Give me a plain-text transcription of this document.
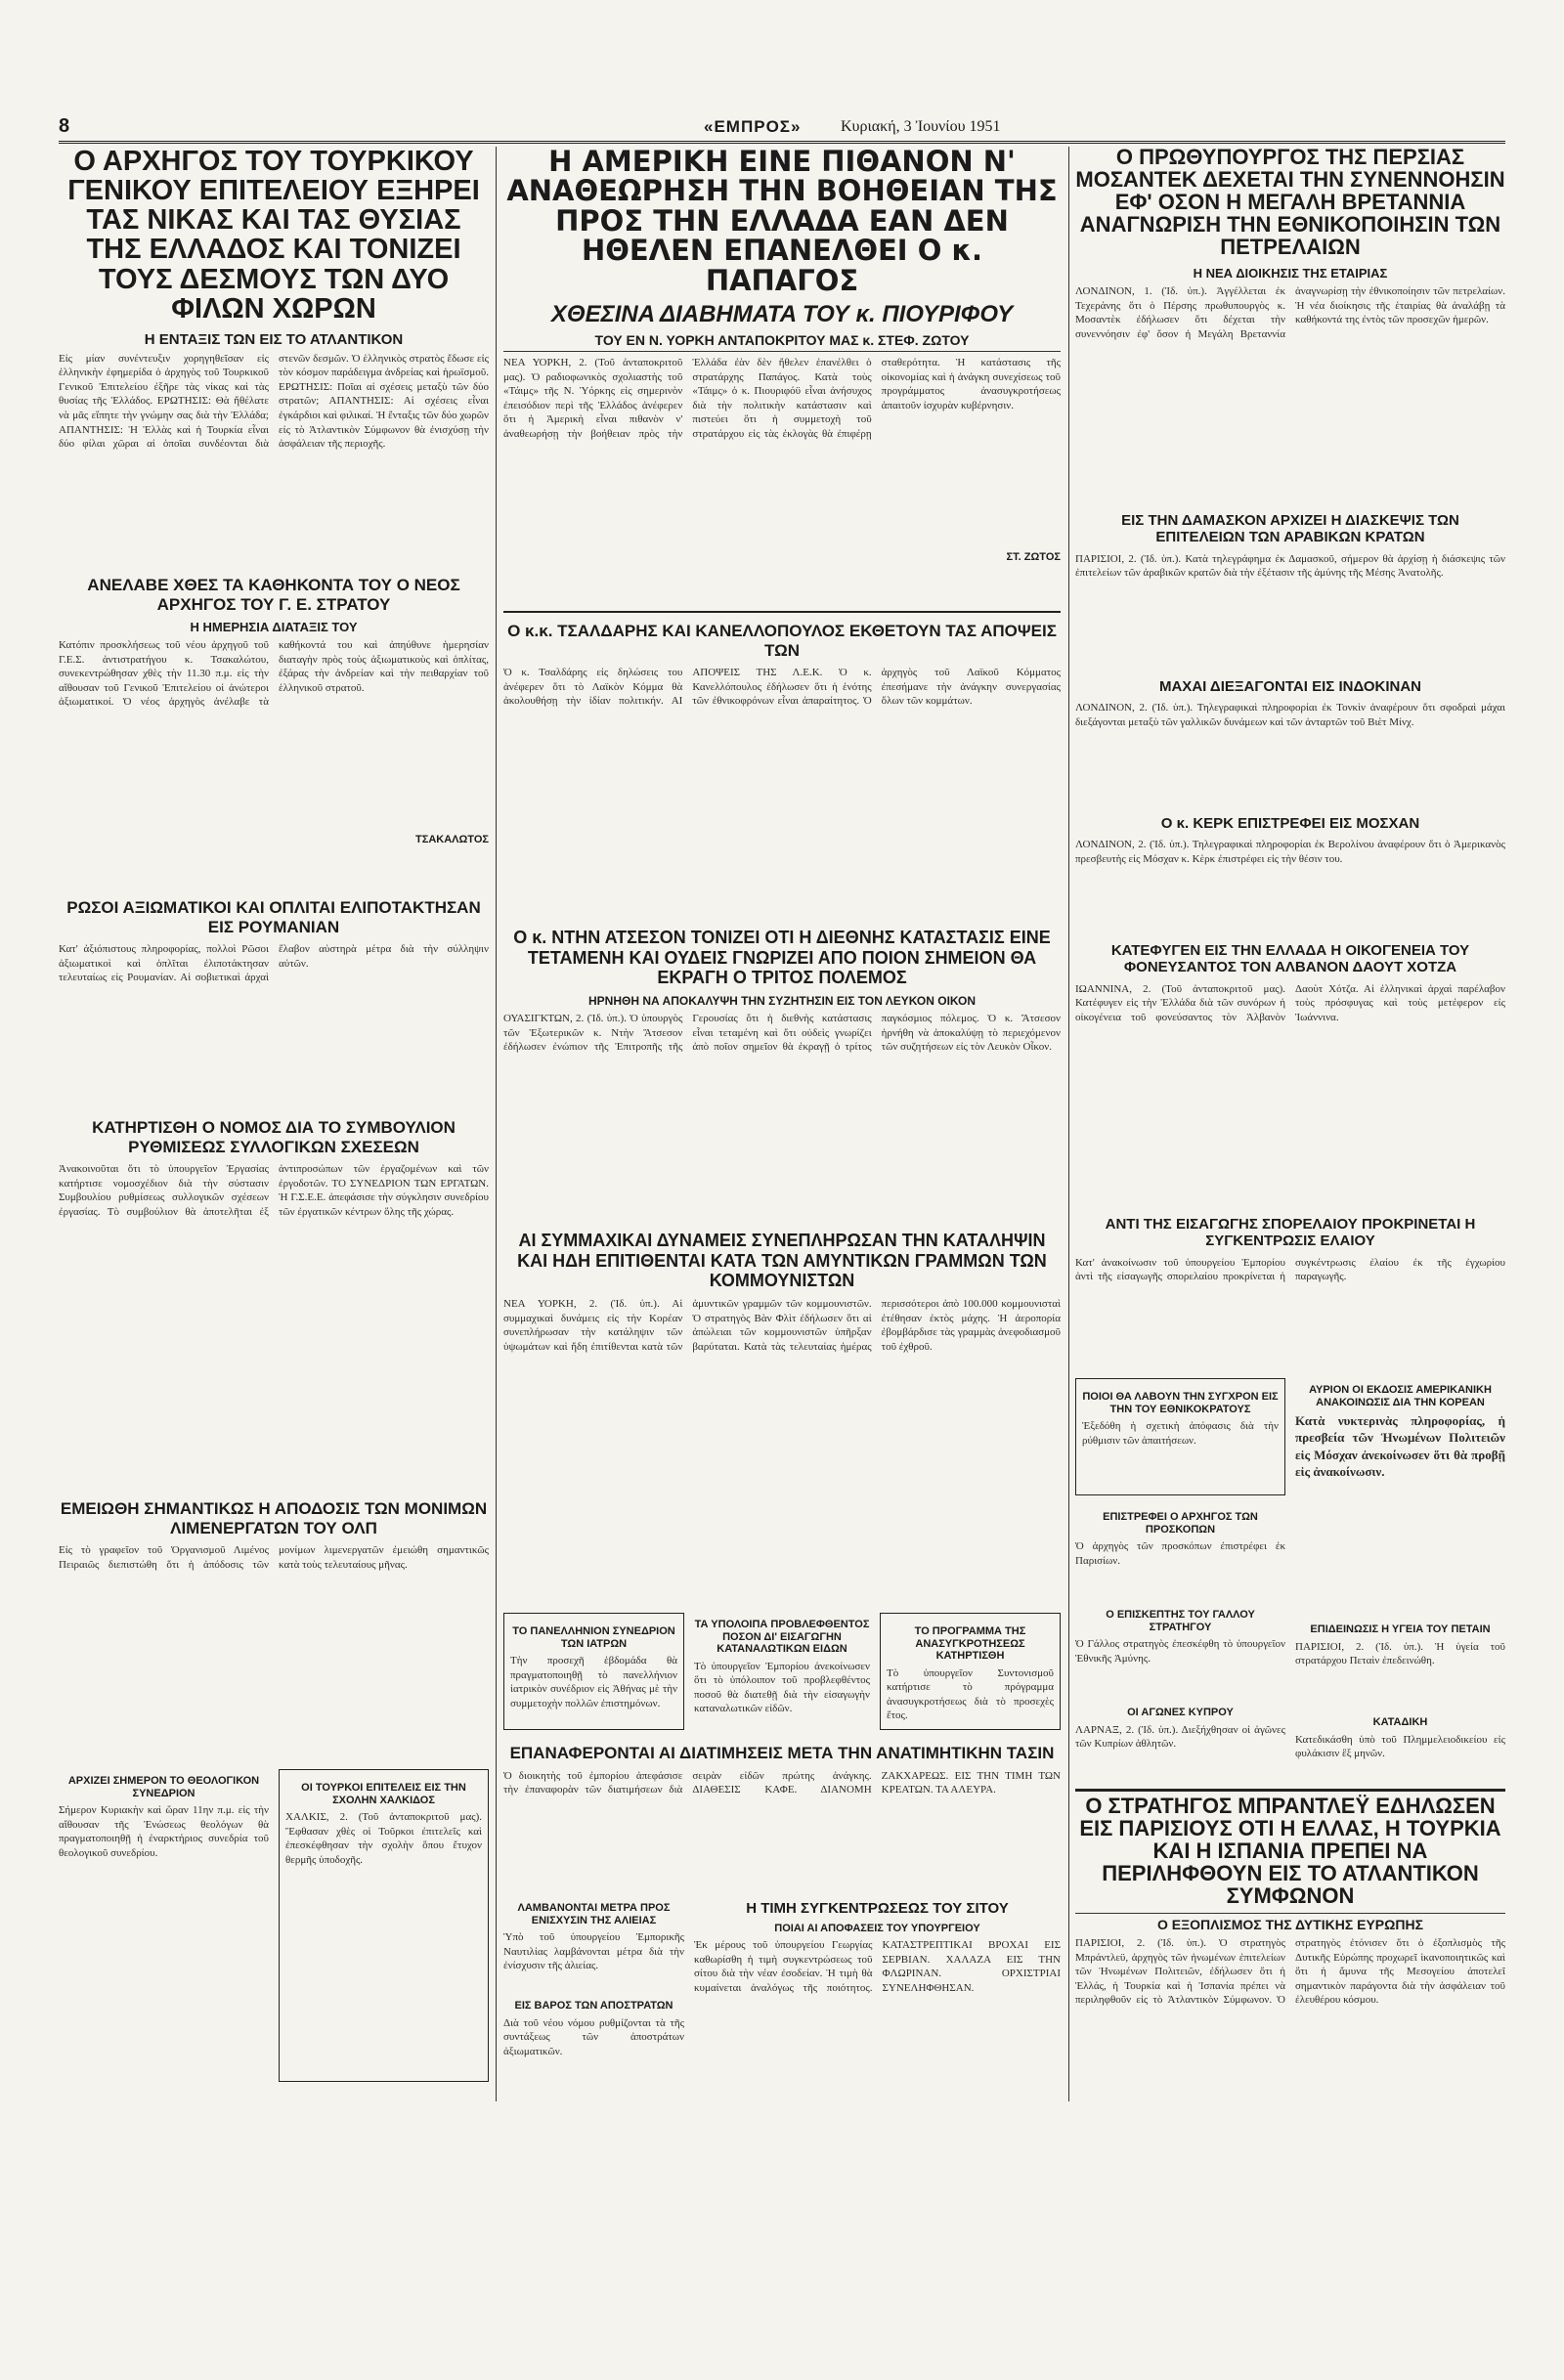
8	«ΕΜΠΡΟΣ»	Κυριακή, 3 Ἰουνίου 1951

Ο ΑΡΧΗΓΟΣ ΤΟΥ ΤΟΥΡΚΙΚΟΥ ΓΕΝΙΚΟΥ ΕΠΙΤΕΛΕΙΟΥ ΕΞΗΡΕΙ ΤΑΣ ΝΙΚΑΣ ΚΑΙ ΤΑΣ ΘΥΣΙΑΣ ΤΗΣ ΕΛΛΑΔΟΣ ΚΑΙ ΤΟΝΙΖΕΙ ΤΟΥΣ ΔΕΣΜΟΥΣ ΤΩΝ ΔΥΟ ΦΙΛΩΝ ΧΩΡΩΝ

Η ΕΝΤΑΞΙΣ ΤΩΝ ΕΙΣ ΤΟ ΑΤΛΑΝΤΙΚΟΝ

Εἰς μίαν συνέντευξιν χορηγηθεῖσαν εἰς ἑλληνικὴν ἐφημερίδα ὁ ἀρχηγὸς τοῦ Τουρκικοῦ Γενικοῦ Ἐπιτελείου ἐξῆρε τὰς νίκας καὶ τὰς θυσίας τῆς Ἑλλάδος. ΕΡΩΤΗΣΙΣ: Θὰ ἤθέλατε νὰ μᾶς εἴπητε τὴν γνώμην σας διὰ τὴν Ἑλλάδα; ΑΠΑΝΤΗΣΙΣ: Ἡ Ἑλλὰς καὶ ἡ Τουρκία εἶναι δύο φίλαι χῶραι αἱ ὁποῖαι συνδέονται διὰ στενῶν δεσμῶν. Ὁ ἑλληνικὸς στρατὸς ἔδωσε εἰς τὸν κόσμον παράδειγμα ἀνδρείας καὶ ἡρωϊσμοῦ. ΕΡΩΤΗΣΙΣ: Ποῖαι αἱ σχέσεις μεταξὺ τῶν δύο στρατῶν; ΑΠΑΝΤΗΣΙΣ: Αἱ σχέσεις εἶναι ἐγκάρδιοι καὶ φιλικαί. Ἡ ἔνταξις τῶν δύο χωρῶν εἰς τὸ Ἀτλαντικὸν Σύμφωνον θὰ ἐνισχύσῃ τὴν ἀσφάλειαν τῆς περιοχῆς.

ΑΝΕΛΑΒΕ ΧΘΕΣ ΤΑ ΚΑΘΗΚΟΝΤΑ ΤΟΥ Ο ΝΕΟΣ ΑΡΧΗΓΟΣ ΤΟΥ Γ. Ε. ΣΤΡΑΤΟΥ

Η ΗΜΕΡΗΣΙΑ ΔΙΑΤΑΞΙΣ ΤΟΥ

Κατόπιν προσκλήσεως τοῦ νέου ἀρχηγοῦ τοῦ Γ.Ε.Σ. ἀντιστρατήγου κ. Τσακαλώτου, συνεκεντρώθησαν χθὲς τὴν 11.30 π.μ. εἰς τὴν αἴθουσαν τοῦ Γενικοῦ Ἐπιτελείου οἱ ἀνώτεροι ἀξιωματικοί. Ὁ νέος ἀρχηγὸς ἀνέλαβε τὰ καθήκοντά του καὶ ἀπηύθυνε ἡμερησίαν διαταγὴν πρὸς τοὺς ἀξιωματικοὺς καὶ ὁπλίτας, ἐξάρας τὴν ἀνδρείαν καὶ τὴν πειθαρχίαν τοῦ ἑλληνικοῦ στρατοῦ.

ΤΣΑΚΑΛΩΤΟΣ

ΡΩΣΟΙ ΑΞΙΩΜΑΤΙΚΟΙ ΚΑΙ ΟΠΛΙΤΑΙ ΕΛΙΠΟΤΑΚΤΗΣΑΝ ΕΙΣ ΡΟΥΜΑΝΙΑΝ

Κατ' ἀξιόπιστους πληροφορίας, πολλοὶ Ρῶσοι ἀξιωματικοὶ καὶ ὁπλῖται ἐλιποτάκτησαν τελευταίως εἰς Ρουμανίαν. Αἱ σοβιετικαὶ ἀρχαὶ ἔλαβον αὐστηρὰ μέτρα διὰ τὴν σύλληψιν αὐτῶν.

ΚΑΤΗΡΤΙΣΘΗ Ο ΝΟΜΟΣ ΔΙΑ ΤΟ ΣΥΜΒΟΥΛΙΟΝ ΡΥΘΜΙΣΕΩΣ ΣΥΛΛΟΓΙΚΩΝ ΣΧΕΣΕΩΝ

Ἀνακοινοῦται ὅτι τὸ ὑπουργεῖον Ἐργασίας κατήρτισε νομοσχέδιον διὰ τὴν σύστασιν Συμβουλίου ρυθμίσεως συλλογικῶν σχέσεων ἐργασίας. Τὸ συμβούλιον θὰ ἀποτελῆται ἐξ ἀντιπροσώπων τῶν ἐργαζομένων καὶ τῶν ἐργοδοτῶν. ΤΟ ΣΥΝΕΔΡΙΟΝ ΤΩΝ ΕΡΓΑΤΩΝ. Ἡ Γ.Σ.Ε.Ε. ἀπεφάσισε τὴν σύγκλησιν συνεδρίου τῶν ἐργατικῶν κέντρων ὅλης τῆς χώρας.

ΕΜΕΙΩΘΗ ΣΗΜΑΝΤΙΚΩΣ Η ΑΠΟΔΟΣΙΣ ΤΩΝ ΜΟΝΙΜΩΝ ΛΙΜΕΝΕΡΓΑΤΩΝ ΤΟΥ ΟΛΠ

Εἰς τὸ γραφεῖον τοῦ Ὀργανισμοῦ Λιμένος Πειραιῶς διεπιστώθη ὅτι ἡ ἀπόδοσις τῶν μονίμων λιμενεργατῶν ἐμειώθη σημαντικῶς κατὰ τοὺς τελευταίους μῆνας.

ΑΡΧΙΖΕΙ ΣΗΜΕΡΟΝ ΤΟ ΘΕΟΛΟΓΙΚΟΝ ΣΥΝΕΔΡΙΟΝ

Σήμερον Κυριακὴν καὶ ὥραν 11ην π.μ. εἰς τὴν αἴθουσαν τῆς Ἑνώσεως θεολόγων θὰ πραγματοποιηθῇ ἡ ἐναρκτήριος συνεδρία τοῦ θεολογικοῦ συνεδρίου.

ΟΙ ΤΟΥΡΚΟΙ ΕΠΙΤΕΛΕΙΣ ΕΙΣ ΤΗΝ ΣΧΟΛΗΝ ΧΑΛΚΙΔΟΣ

ΧΑΛΚΙΣ, 2. (Τοῦ ἀνταποκριτοῦ μας). Ἔφθασαν χθὲς οἱ Τοῦρκοι ἐπιτελεῖς καὶ ἐπεσκέφθησαν τὴν σχολὴν ὅπου ἔτυχον θερμῆς ὑποδοχῆς.

Η ΑΜΕΡΙΚΗ ΕΙΝΕ ΠΙΘΑΝΟΝ Ν' ΑΝΑΘΕΩΡΗΣΗ ΤΗΝ ΒΟΗΘΕΙΑΝ ΤΗΣ ΠΡΟΣ ΤΗΝ ΕΛΛΑΔΑ ΕΑΝ ΔΕΝ ΗΘΕΛΕΝ ΕΠΑΝΕΛΘΕΙ Ο κ. ΠΑΠΑΓΟΣ

ΧΘΕΣΙΝΑ ΔΙΑΒΗΜΑΤΑ ΤΟΥ κ. ΠΙΟΥΡΙΦΟΥ

ΤΟΥ ΕΝ Ν. ΥΟΡΚΗ ΑΝΤΑΠΟΚΡΙΤΟΥ ΜΑΣ κ. ΣΤΕΦ. ΖΩΤΟΥ

ΝΕΑ ΥΟΡΚΗ, 2. (Τοῦ ἀνταποκριτοῦ μας). Ὁ ραδιοφωνικὸς σχολιαστὴς τοῦ «Τάιμς» τῆς Ν. Ὑόρκης εἰς σημερινὸν ἐπεισόδιον περὶ τῆς Ἑλλάδος ἀνέφερεν ὅτι ἡ Ἀμερικὴ εἶναι πιθανὸν ν' ἀναθεωρήσῃ τὴν βοήθειαν πρὸς τὴν Ἑλλάδα ἐὰν δὲν ἤθελεν ἐπανέλθει ὁ στρατάρχης Παπάγος. Κατὰ τοὺς «Τάιμς» ὁ κ. Πιουριφόϋ εἶναι ἀνήσυχος διὰ τὴν πολιτικὴν κατάστασιν καὶ πιστεύει ὅτι ἡ συμμετοχὴ τοῦ στρατάρχου εἰς τὰς ἐκλογὰς θὰ ἐπιφέρῃ σταθερότητα. Ἡ κατάστασις τῆς οἰκονομίας καὶ ἡ ἀνάγκη συνεχίσεως τοῦ προγράμματος ἀνασυγκροτήσεως ἀπαιτοῦν ἰσχυρὰν κυβέρνησιν.

ΣΤ. ΖΩΤΟΣ

Ο κ.κ. ΤΣΑΛΔΑΡΗΣ ΚΑΙ ΚΑΝΕΛΛΟΠΟΥΛΟΣ ΕΚΘΕΤΟΥΝ ΤΑΣ ΑΠΟΨΕΙΣ ΤΩΝ

Ὁ κ. Τσαλδάρης εἰς δηλώσεις του ἀνέφερεν ὅτι τὸ Λαϊκὸν Κόμμα θὰ ἀκολουθήσῃ τὴν ἰδίαν πολιτικήν. ΑΙ ΑΠΟΨΕΙΣ ΤΗΣ Λ.Ε.Κ. Ὁ κ. Κανελλόπουλος ἐδήλωσεν ὅτι ἡ ἑνότης τῶν ἐθνικοφρόνων εἶναι ἀπαραίτητος. Ὁ ἀρχηγὸς τοῦ Λαϊκοῦ Κόμματος ἐπεσήμανε τὴν ἀνάγκην συνεργασίας ὅλων τῶν κομμάτων.

Ο κ. ΝΤΗΝ ΑΤΣΕΣΟΝ ΤΟΝΙΖΕΙ ΟΤΙ Η ΔΙΕΘΝΗΣ ΚΑΤΑΣΤΑΣΙΣ ΕΙΝΕ ΤΕΤΑΜΕΝΗ ΚΑΙ ΟΥΔΕΙΣ ΓΝΩΡΙΖΕΙ ΑΠΟ ΠΟΙΟΝ ΣΗΜΕΙΟΝ ΘΑ ΕΚΡΑΓΗ Ο ΤΡΙΤΟΣ ΠΟΛΕΜΟΣ

ΗΡΝΗΘΗ ΝΑ ΑΠΟΚΑΛΥΨΗ ΤΗΝ ΣΥΖΗΤΗΣΙΝ ΕΙΣ ΤΟΝ ΛΕΥΚΟΝ ΟΙΚΟΝ

ΟΥΑΣΙΓΚΤΩΝ, 2. (Ἰδ. ὑπ.). Ὁ ὑπουργὸς τῶν Ἐξωτερικῶν κ. Ντὴν Ἄτσεσον ἐδήλωσεν ἐνώπιον τῆς Ἐπιτροπῆς τῆς Γερουσίας ὅτι ἡ διεθνὴς κατάστασις εἶναι τεταμένη καὶ ὅτι οὐδεὶς γνωρίζει ἀπὸ ποῖον σημεῖον θὰ ἐκραγῇ ὁ τρίτος παγκόσμιος πόλεμος. Ὁ κ. Ἄτσεσον ἠρνήθη νὰ ἀποκαλύψῃ τὸ περιεχόμενον τῶν συζητήσεων εἰς τὸν Λευκὸν Οἶκον.

ΑΙ ΣΥΜΜΑΧΙΚΑΙ ΔΥΝΑΜΕΙΣ ΣΥΝΕΠΛΗΡΩΣΑΝ ΤΗΝ ΚΑΤΑΛΗΨΙΝ ΚΑΙ ΗΔΗ ΕΠΙΤΙΘΕΝΤΑΙ ΚΑΤΑ ΤΩΝ ΑΜΥΝΤΙΚΩΝ ΓΡΑΜΜΩΝ ΤΩΝ ΚΟΜΜΟΥΝΙΣΤΩΝ

ΝΕΑ ΥΟΡΚΗ, 2. (Ἰδ. ὑπ.). Αἱ συμμαχικαὶ δυνάμεις εἰς τὴν Κορέαν συνεπλήρωσαν τὴν κατάληψιν τῶν ὑψωμάτων καὶ ἤδη ἐπιτίθενται κατὰ τῶν ἀμυντικῶν γραμμῶν τῶν κομμουνιστῶν. Ὁ στρατηγὸς Βὰν Φλὶτ ἐδήλωσεν ὅτι αἱ ἀπώλειαι τῶν κομμουνιστῶν ὑπῆρξαν βαρύταται. Κατὰ τὰς τελευταίας ἡμέρας περισσότεροι ἀπὸ 100.000 κομμουνισταὶ ἐτέθησαν ἐκτὸς μάχης. Ἡ ἀεροπορία ἐβομβάρδισε τὰς γραμμὰς ἀνεφοδιασμοῦ τοῦ ἐχθροῦ.

ΤΟ ΠΑΝΕΛΛΗΝΙΟΝ ΣΥΝΕΔΡΙΟΝ ΤΩΝ ΙΑΤΡΩΝ

Τὴν προσεχῆ ἑβδομάδα θὰ πραγματοποιηθῇ τὸ πανελλήνιον ἰατρικὸν συνέδριον εἰς Ἀθήνας μὲ τὴν συμμετοχὴν πολλῶν ἐπιστημόνων.

ΤΑ ΥΠΟΛΟΙΠΑ ΠΡΟΒΛΕΦΘΕΝΤΟΣ ΠΟΣΟΝ ΔΙ' ΕΙΣΑΓΩΓΗΝ ΚΑΤΑΝΑΛΩΤΙΚΩΝ ΕΙΔΩΝ

Τὸ ὑπουργεῖον Ἐμπορίου ἀνεκοίνωσεν ὅτι τὸ ὑπόλοιπον τοῦ προβλεφθέντος ποσοῦ θὰ διατεθῇ διὰ τὴν εἰσαγωγὴν καταναλωτικῶν εἰδῶν.

ΤΟ ΠΡΟΓΡΑΜΜΑ ΤΗΣ ΑΝΑΣΥΓΚΡΟΤΗΣΕΩΣ ΚΑΤΗΡΤΙΣΘΗ

Τὸ ὑπουργεῖον Συντονισμοῦ κατήρτισε τὸ πρόγραμμα ἀνασυγκροτήσεως διὰ τὸ προσεχὲς ἔτος.

ΕΠΑΝΑΦΕΡΟΝΤΑΙ ΑΙ ΔΙΑΤΙΜΗΣΕΙΣ ΜΕΤΑ ΤΗΝ ΑΝΑΤΙΜΗΤΙΚΗΝ ΤΑΣΙΝ

Ὁ διοικητὴς τοῦ ἐμπορίου ἀπεφάσισε τὴν ἐπαναφορὰν τῶν διατιμήσεων διὰ σειρὰν εἰδῶν πρώτης ἀνάγκης. ΔΙΑΘΕΣΙΣ ΚΑΦΕ. ΔΙΑΝΟΜΗ ΖΑΚΧΑΡΕΩΣ. ΕΙΣ ΤΗΝ ΤΙΜΗ ΤΩΝ ΚΡΕΑΤΩΝ. ΤΑ ΑΛΕΥΡΑ.

ΛΑΜΒΑΝΟΝΤΑΙ ΜΕΤΡΑ ΠΡΟΣ ΕΝΙΣΧΥΣΙΝ ΤΗΣ ΑΛΙΕΙΑΣ

Ὑπὸ τοῦ ὑπουργείου Ἐμπορικῆς Ναυτιλίας λαμβάνονται μέτρα διὰ τὴν ἐνίσχυσιν τῆς ἁλιείας.

Η ΤΙΜΗ ΣΥΓΚΕΝΤΡΩΣΕΩΣ ΤΟΥ ΣΙΤΟΥ

ΠΟΙΑΙ ΑΙ ΑΠΟΦΑΣΕΙΣ ΤΟΥ ΥΠΟΥΡΓΕΙΟΥ

Ἐκ μέρους τοῦ ὑπουργείου Γεωργίας καθωρίσθη ἡ τιμὴ συγκεντρώσεως τοῦ σίτου διὰ τὴν νέαν ἐσοδείαν. Ἡ τιμὴ θὰ κυμαίνεται ἀναλόγως τῆς ποιότητος. ΚΑΤΑΣΤΡΕΠΤΙΚΑΙ ΒΡΟΧΑΙ ΕΙΣ ΣΕΡΒΙΑΝ. ΧΑΛΑΖΑ ΕΙΣ ΤΗΝ ΦΛΩΡΙΝΑΝ. ΟΡΧΙΣΤΡΙΑΙ ΣΥΝΕΛΗΦΘΗΣΑΝ.

ΕΙΣ ΒΑΡΟΣ ΤΩΝ ΑΠΟΣΤΡΑΤΩΝ

Διὰ τοῦ νέου νόμου ρυθμίζονται τὰ τῆς συντάξεως τῶν ἀποστράτων ἀξιωματικῶν.

Ο ΠΡΩΘΥΠΟΥΡΓΟΣ ΤΗΣ ΠΕΡΣΙΑΣ ΜΟΣΑΝΤΕΚ ΔΕΧΕΤΑΙ ΤΗΝ ΣΥΝΕΝΝΟΗΣΙΝ ΕΦ' ΟΣΟΝ Η ΜΕΓΑΛΗ ΒΡΕΤΑΝΝΙΑ ΑΝΑΓΝΩΡΙΣΗ ΤΗΝ ΕΘΝΙΚΟΠΟΙΗΣΙΝ ΤΩΝ ΠΕΤΡΕΛΑΙΩΝ

Η ΝΕΑ ΔΙΟΙΚΗΣΙΣ ΤΗΣ ΕΤΑΙΡΙΑΣ

ΛΟΝΔΙΝΟΝ, 1. (Ἰδ. ὑπ.). Ἀγγέλλεται ἐκ Τεχεράνης ὅτι ὁ Πέρσης πρωθυπουργὸς κ. Μοσαντὲκ ἐδήλωσεν ὅτι δέχεται τὴν συνεννόησιν ἐφ' ὅσον ἡ Μεγάλη Βρεταννία ἀναγνωρίσῃ τὴν ἐθνικοποίησιν τῶν πετρελαίων. Ἡ νέα διοίκησις τῆς ἑταιρίας θὰ ἀναλάβῃ τὰ καθήκοντά της ἐντὸς τῶν προσεχῶν ἡμερῶν.

ΕΙΣ ΤΗΝ ΔΑΜΑΣΚΟΝ ΑΡΧΙΖΕΙ Η ΔΙΑΣΚΕΨΙΣ ΤΩΝ ΕΠΙΤΕΛΕΙΩΝ ΤΩΝ ΑΡΑΒΙΚΩΝ ΚΡΑΤΩΝ

ΠΑΡΙΣΙΟΙ, 2. (Ἰδ. ὑπ.). Κατὰ τηλεγράφημα ἐκ Δαμασκοῦ, σήμερον θὰ ἀρχίσῃ ἡ διάσκεψις τῶν ἐπιτελείων τῶν ἀραβικῶν κρατῶν διὰ τὴν ἐξέτασιν τῆς ἀμύνης τῆς Μέσης Ἀνατολῆς.

ΜΑΧΑΙ ΔΙΕΞΑΓΟΝΤΑΙ ΕΙΣ ΙΝΔΟΚΙΝΑΝ

ΛΟΝΔΙΝΟΝ, 2. (Ἰδ. ὑπ.). Τηλεγραφικαὶ πληροφορίαι ἐκ Τονκὶν ἀναφέρουν ὅτι σφοδραὶ μάχαι διεξάγονται μεταξὺ τῶν γαλλικῶν δυνάμεων καὶ τῶν ἀνταρτῶν τοῦ Βιὲτ Μίνχ.

Ο κ. ΚΕΡΚ ΕΠΙΣΤΡΕΦΕΙ ΕΙΣ ΜΟΣΧΑΝ

ΛΟΝΔΙΝΟΝ, 2. (Ἰδ. ὑπ.). Τηλεγραφικαὶ πληροφορίαι ἐκ Βερολίνου ἀναφέρουν ὅτι ὁ Ἀμερικανὸς πρεσβευτὴς εἰς Μόσχαν κ. Κὲρκ ἐπιστρέφει εἰς τὴν θέσιν του.

ΚΑΤΕΦΥΓΕΝ ΕΙΣ ΤΗΝ ΕΛΛΑΔΑ Η ΟΙΚΟΓΕΝΕΙΑ ΤΟΥ ΦΟΝΕΥΣΑΝΤΟΣ ΤΟΝ ΑΛΒΑΝΟΝ ΔΑΟΥΤ ΧΟΤΖΑ

ΙΩΑΝΝΙΝΑ, 2. (Τοῦ ἀνταποκριτοῦ μας). Κατέφυγεν εἰς τὴν Ἑλλάδα διὰ τῶν συνόρων ἡ οἰκογένεια τοῦ φονεύσαντος τὸν Ἀλβανὸν Δαοὺτ Χότζα. Αἱ ἑλληνικαὶ ἀρχαὶ παρέλαβον τοὺς πρόσφυγας καὶ τοὺς μετέφερον εἰς Ἰωάννινα.

ΑΝΤΙ ΤΗΣ ΕΙΣΑΓΩΓΗΣ ΣΠΟΡΕΛΑΙΟΥ ΠΡΟΚΡΙΝΕΤΑΙ Η ΣΥΓΚΕΝΤΡΩΣΙΣ ΕΛΑΙΟΥ

Κατ' ἀνακοίνωσιν τοῦ ὑπουργείου Ἐμπορίου ἀντὶ τῆς εἰσαγωγῆς σπορελαίου προκρίνεται ἡ συγκέντρωσις ἐλαίου ἐκ τῆς ἐγχωρίου παραγωγῆς.

ΠΟΙΟΙ ΘΑ ΛΑΒΟΥΝ ΤΗΝ ΣΥΓΧΡΟΝ ΕΙΣ ΤΗΝ ΤΟΥ ΕΘΝΙΚΟΚΡΑΤΟΥΣ

Ἐξεδόθη ἡ σχετικὴ ἀπόφασις διὰ τὴν ρύθμισιν τῶν ἀπαιτήσεων.

ΑΥΡΙΟΝ ΟΙ ΕΚΔΟΣΙΣ ΑΜΕΡΙΚΑΝΙΚΗ ΑΝΑΚΟΙΝΩΣΙΣ ΔΙΑ ΤΗΝ ΚΟΡΕΑΝ

Κατὰ νυκτερινὰς πληροφορίας, ἡ πρεσβεία τῶν Ἡνωμένων Πολιτειῶν εἰς Μόσχαν ἀνεκοίνωσεν ὅτι θὰ προβῇ εἰς ἀνακοίνωσιν.

ΕΠΙΣΤΡΕΦΕΙ Ο ΑΡΧΗΓΟΣ ΤΩΝ ΠΡΟΣΚΟΠΩΝ

Ὁ ἀρχηγὸς τῶν προσκόπων ἐπιστρέφει ἐκ Παρισίων.

ΕΠΙΔΕΙΝΩΣΙΣ Η ΥΓΕΙΑ ΤΟΥ ΠΕΤΑΙΝ

ΠΑΡΙΣΙΟΙ, 2. (Ἰδ. ὑπ.). Ἡ ὑγεία τοῦ στρατάρχου Πεταὶν ἐπεδεινώθη.

Ο ΕΠΙΣΚΕΠΤΗΣ ΤΟΥ ΓΑΛΛΟΥ ΣΤΡΑΤΗΓΟΥ

Ὁ Γάλλος στρατηγὸς ἐπεσκέφθη τὸ ὑπουργεῖον Ἐθνικῆς Ἀμύνης.

ΟΙ ΑΓΩΝΕΣ ΚΥΠΡΟΥ

ΛΑΡΝΑΞ, 2. (Ἰδ. ὑπ.). Διεξήχθησαν οἱ ἀγῶνες τῶν Κυπρίων ἀθλητῶν.

ΚΑΤΑΔΙΚΗ

Κατεδικάσθη ὑπὸ τοῦ Πλημμελειοδικείου εἰς φυλάκισιν ἓξ μηνῶν.

Ο ΣΤΡΑΤΗΓΟΣ ΜΠΡΑΝΤΛΕΫ ΕΔΗΛΩΣΕΝ ΕΙΣ ΠΑΡΙΣΙΟΥΣ ΟΤΙ Η ΕΛΛΑΣ, Η ΤΟΥΡΚΙΑ ΚΑΙ Η ΙΣΠΑΝΙΑ ΠΡΕΠΕΙ ΝΑ ΠΕΡΙΛΗΦΘΟΥΝ ΕΙΣ ΤΟ ΑΤΛΑΝΤΙΚΟΝ ΣΥΜΦΩΝΟΝ

Ο ΕΞΟΠΛΙΣΜΟΣ ΤΗΣ ΔΥΤΙΚΗΣ ΕΥΡΩΠΗΣ

ΠΑΡΙΣΙΟΙ, 2. (Ἰδ. ὑπ.). Ὁ στρατηγὸς Μπράντλεϋ, ἀρχηγὸς τῶν ἡνωμένων ἐπιτελείων τῶν Ἡνωμένων Πολιτειῶν, ἐδήλωσεν ὅτι ἡ Ἑλλάς, ἡ Τουρκία καὶ ἡ Ἱσπανία πρέπει νὰ περιληφθοῦν εἰς τὸ Ἀτλαντικὸν Σύμφωνον. Ὁ στρατηγὸς ἐτόνισεν ὅτι ὁ ἐξοπλισμὸς τῆς Δυτικῆς Εὐρώπης προχωρεῖ ἱκανοποιητικῶς καὶ ὅτι ἡ ἄμυνα τῆς Μεσογείου ἀποτελεῖ σημαντικὸν παράγοντα διὰ τὴν ἀσφάλειαν τοῦ ἐλευθέρου κόσμου.
